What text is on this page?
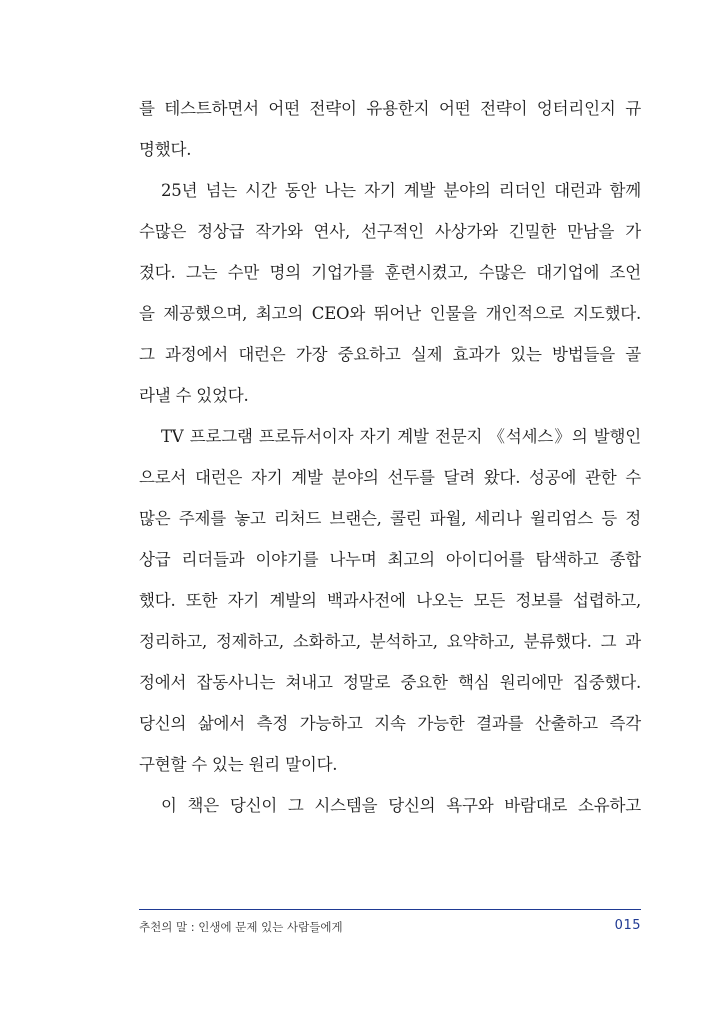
를 테스트하면서 어떤 전략이 유용한지 어떤 전략이 엉터리인지 규
명했다.
25년 넘는 시간 동안 나는 자기 계발 분야의 리더인 대런과 함께
수많은 정상급 작가와 연사, 선구적인 사상가와 긴밀한 만남을 가
졌다. 그는 수만 명의 기업가를 훈련시켰고, 수많은 대기업에 조언
을 제공했으며, 최고의 CEO와 뛰어난 인물을 개인적으로 지도했다.
그 과정에서 대런은 가장 중요하고 실제 효과가 있는 방법들을 골
라낼 수 있었다.
TV 프로그램 프로듀서이자 자기 계발 전문지 《석세스》의 발행인
으로서 대런은 자기 계발 분야의 선두를 달려 왔다. 성공에 관한 수
많은 주제를 놓고 리처드 브랜슨, 콜린 파월, 세리나 윌리엄스 등 정
상급 리더들과 이야기를 나누며 최고의 아이디어를 탐색하고 종합
했다. 또한 자기 계발의 백과사전에 나오는 모든 정보를 섭렵하고,
정리하고, 정제하고, 소화하고, 분석하고, 요약하고, 분류했다. 그 과
정에서 잡동사니는 쳐내고 정말로 중요한 핵심 원리에만 집중했다.
당신의 삶에서 측정 가능하고 지속 가능한 결과를 산출하고 즉각
구현할 수 있는 원리 말이다.
이 책은 당신이 그 시스템을 당신의 욕구와 바람대로 소유하고
추천의 말 : 인생에 문제 있는 사람들에게	015
